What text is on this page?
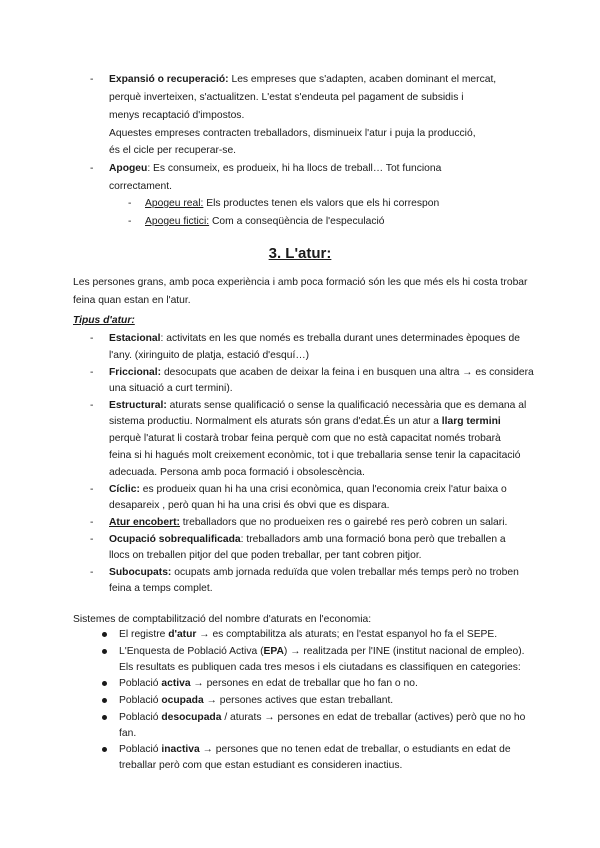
- Expansió o recuperació: Les empreses que s'adapten, acaben dominant el mercat,

perquè inverteixen, s'actualitzen. L'estat s'endeuta pel pagament de subsidis i

menys recaptació d'impostos.

Aquestes empreses contracten treballadors, disminueix l'atur i puja la producció,

és el cicle per recuperar-se.

- Apogeu: Es consumeix, es produeix, hi ha llocs de treball… Tot funciona

correctament.

- Apogeu real: Els productes tenen els valors que els hi correspon

- Apogeu fictici: Com a conseqüència de l'especulació

3. L'atur:

Les persones grans, amb poca experiència i amb poca formació són les que més els hi costa trobar

feina quan estan en l'atur.

Tipus d'atur:

- Estacional: activitats en les que només es treballa durant unes determinades èpoques de

l'any. (xiringuito de platja, estació d'esquí…)

- Friccional: desocupats que acaben de deixar la feina i en busquen una altra → es considera

una situació a curt termini).

- Estructural: aturats sense qualificació o sense la qualificació necessària que es demana al

sistema productiu. Normalment els aturats són grans d'edat.És un atur a llarg termini

perquè l'aturat li costarà trobar feina perquè com que no està capacitat només trobarà

feina si hi hagués molt creixement econòmic, tot i que treballaria sense tenir la capacitació

adecuada. Persona amb poca formació i obsolescència.

- Cíclic: es produeix quan hi ha una crisi econòmica, quan l'economia creix l'atur baixa o

desapareix , però quan hi ha una crisi és obvi que es dispara.

- Atur encobert: treballadors que no produeixen res o gairebé res però cobren un salari.

- Ocupació sobrequalificada: treballadors amb una formació bona però que treballen a

llocs on treballen pitjor del que poden treballar, per tant cobren pitjor.

- Subocupats: ocupats amb jornada reduïda que volen treballar més temps però no troben

feina a temps complet.

Sistemes de comptabilització del nombre d'aturats en l'economia:

El registre d'atur → es comptabilitza als aturats; en l'estat espanyol ho fa el SEPE.

L'Enquesta de Població Activa (EPA) → realitzada per l'INE (institut nacional de empleo).

Els resultats es publiquen cada tres mesos i els ciutadans es classifiquen en categories:

Població activa → persones en edat de treballar que ho fan o no.

Població ocupada → persones actives que estan treballant.

Població desocupada / aturats → persones en edat de treballar (actives) però que no ho

fan.

Població inactiva → persones que no tenen edat de treballar, o estudiants en edat de

treballar però com que estan estudiant es consideren inactius.
